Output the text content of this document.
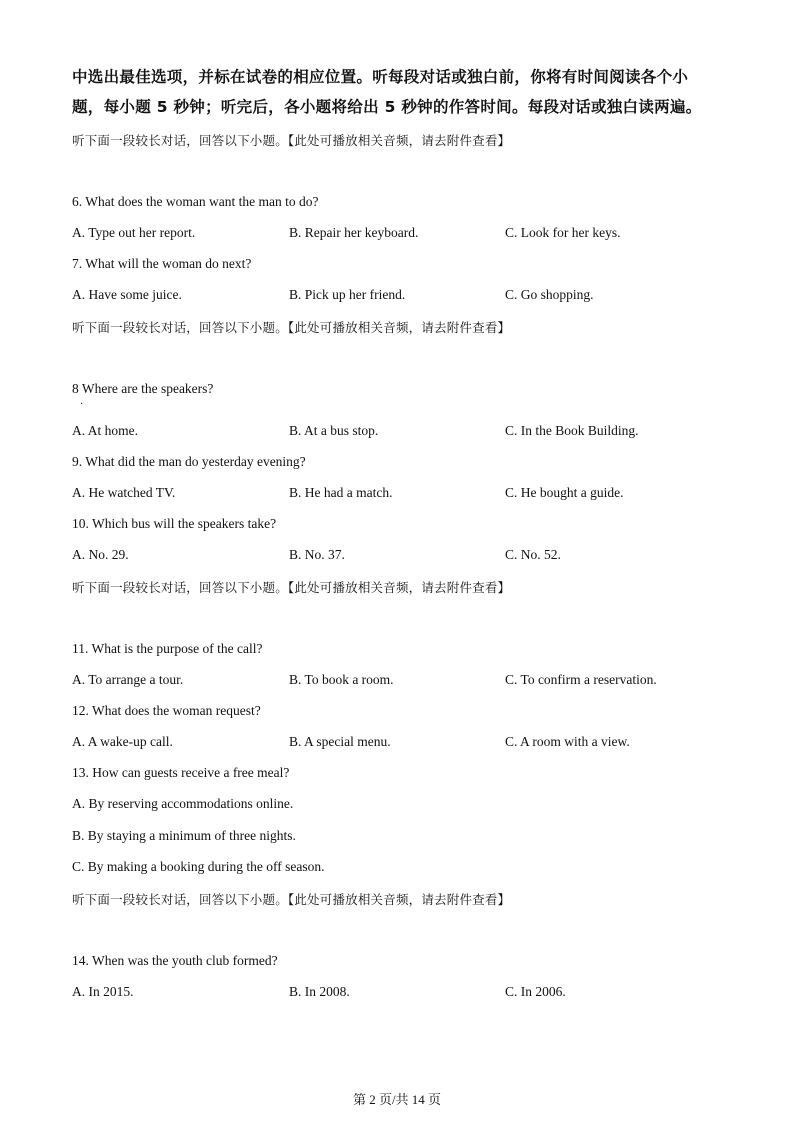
中选出最佳选项，并标在试卷的相应位置。听每段对话或独白前，你将有时间阅读各个小
题，每小题 5 秒钟；听完后，各小题将给出 5 秒钟的作答时间。每段对话或独白读两遍。
听下面一段较长对话，回答以下小题。【此处可播放相关音频，请去附件查看】
6. What does the woman want the man to do?
A. Type out her report.	B. Repair her keyboard.	C. Look for her keys.
7. What will the woman do next?
A. Have some juice.	B. Pick up her friend.	C. Go shopping.
听下面一段较长对话，回答以下小题。【此处可播放相关音频，请去附件查看】
8 Where are the speakers?
·
A. At home.	B. At a bus stop.	C. In the Book Building.
9. What did the man do yesterday evening?
A. He watched TV.	B. He had a match.	C. He bought a guide.
10. Which bus will the speakers take?
A. No. 29.	B. No. 37.	C. No. 52.
听下面一段较长对话，回答以下小题。【此处可播放相关音频，请去附件查看】
11. What is the purpose of the call?
A. To arrange a tour.	B. To book a room.	C. To confirm a reservation.
12. What does the woman request?
A. A wake-up call.	B. A special menu.	C. A room with a view.
13. How can guests receive a free meal?
A. By reserving accommodations online.
B. By staying a minimum of three nights.
C. By making a booking during the off season.
听下面一段较长对话，回答以下小题。【此处可播放相关音频，请去附件查看】
14. When was the youth club formed?
A. In 2015.	B. In 2008.	C. In 2006.
第 2 页/共 14 页
